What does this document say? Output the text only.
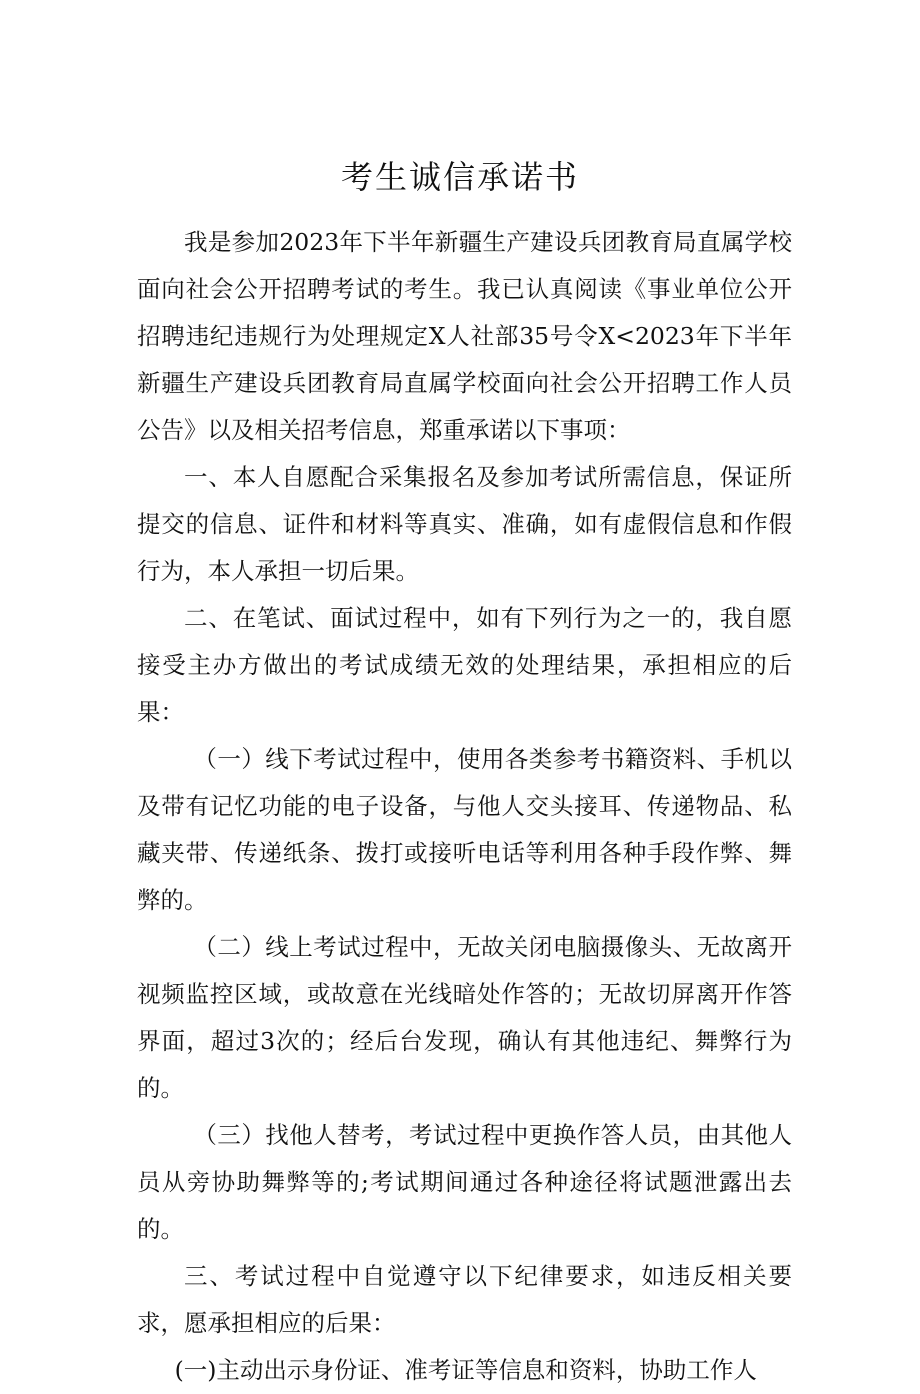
考生诚信承诺书

我是参加2023年下半年新疆生产建设兵团教育局直属学校面向社会公开招聘考试的考生。我已认真阅读《事业单位公开招聘违纪违规行为处理规定X人社部35号令X<2023年下半年新疆生产建设兵团教育局直属学校面向社会公开招聘工作人员公告》以及相关招考信息，郑重承诺以下事项：

一、本人自愿配合采集报名及参加考试所需信息，保证所提交的信息、证件和材料等真实、准确，如有虚假信息和作假行为，本人承担一切后果。

二、在笔试、面试过程中，如有下列行为之一的，我自愿接受主办方做出的考试成绩无效的处理结果，承担相应的后果：

（一）线下考试过程中，使用各类参考书籍资料、手机以及带有记忆功能的电子设备，与他人交头接耳、传递物品、私藏夹带、传递纸条、拨打或接听电话等利用各种手段作弊、舞弊的。

（二）线上考试过程中，无故关闭电脑摄像头、无故离开视频监控区域，或故意在光线暗处作答的；无故切屏离开作答界面，超过3次的；经后台发现，确认有其他违纪、舞弊行为的。

（三）找他人替考，考试过程中更换作答人员，由其他人员从旁协助舞弊等的;考试期间通过各种途径将试题泄露出去的。

三、考试过程中自觉遵守以下纪律要求，如违反相关要求，愿承担相应的后果：

(一)主动出示身份证、准考证等信息和资料，协助工作人
